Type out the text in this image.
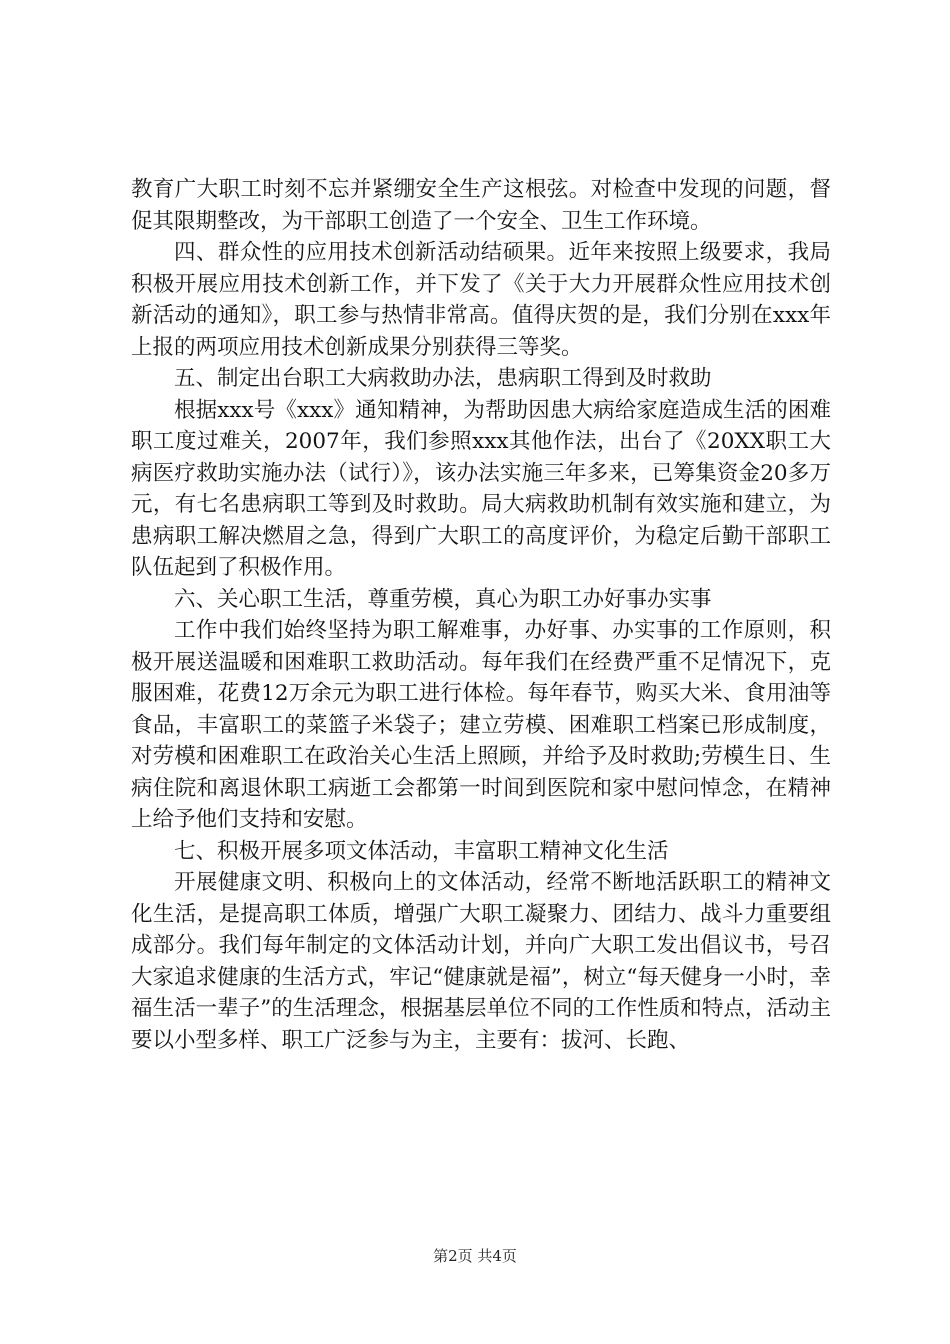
教育广大职工时刻不忘并紧绷安全生产这根弦。对检查中发现的问题，督促其限期整改，为干部职工创造了一个安全、卫生工作环境。

四、群众性的应用技术创新活动结硕果。近年来按照上级要求，我局积极开展应用技术创新工作，并下发了《关于大力开展群众性应用技术创新活动的通知》，职工参与热情非常高。值得庆贺的是，我们分别在xxx年上报的两项应用技术创新成果分别获得三等奖。

五、制定出台职工大病救助办法，患病职工得到及时救助

根据xxx号《xxx》通知精神，为帮助因患大病给家庭造成生活的困难职工度过难关，2007年，我们参照xxx其他作法，出台了《20XX职工大病医疗救助实施办法（试行）》，该办法实施三年多来，已筹集资金20多万元，有七名患病职工等到及时救助。局大病救助机制有效实施和建立，为患病职工解决燃眉之急，得到广大职工的高度评价，为稳定后勤干部职工队伍起到了积极作用。

六、关心职工生活，尊重劳模，真心为职工办好事办实事

工作中我们始终坚持为职工解难事，办好事、办实事的工作原则，积极开展送温暖和困难职工救助活动。每年我们在经费严重不足情况下，克服困难，花费12万余元为职工进行体检。每年春节，购买大米、食用油等食品，丰富职工的菜篮子米袋子；建立劳模、困难职工档案已形成制度，对劳模和困难职工在政治关心生活上照顾，并给予及时救助;劳模生日、生病住院和离退休职工病逝工会都第一时间到医院和家中慰问悼念，在精神上给予他们支持和安慰。

七、积极开展多项文体活动，丰富职工精神文化生活

开展健康文明、积极向上的文体活动，经常不断地活跃职工的精神文化生活，是提高职工体质，增强广大职工凝聚力、团结力、战斗力重要组成部分。我们每年制定的文体活动计划，并向广大职工发出倡议书，号召大家追求健康的生活方式，牢记“健康就是福”，树立“每天健身一小时，幸福生活一辈子”的生活理念，根据基层单位不同的工作性质和特点，活动主要以小型多样、职工广泛参与为主，主要有：拔河、长跑、

第2页 共4页
